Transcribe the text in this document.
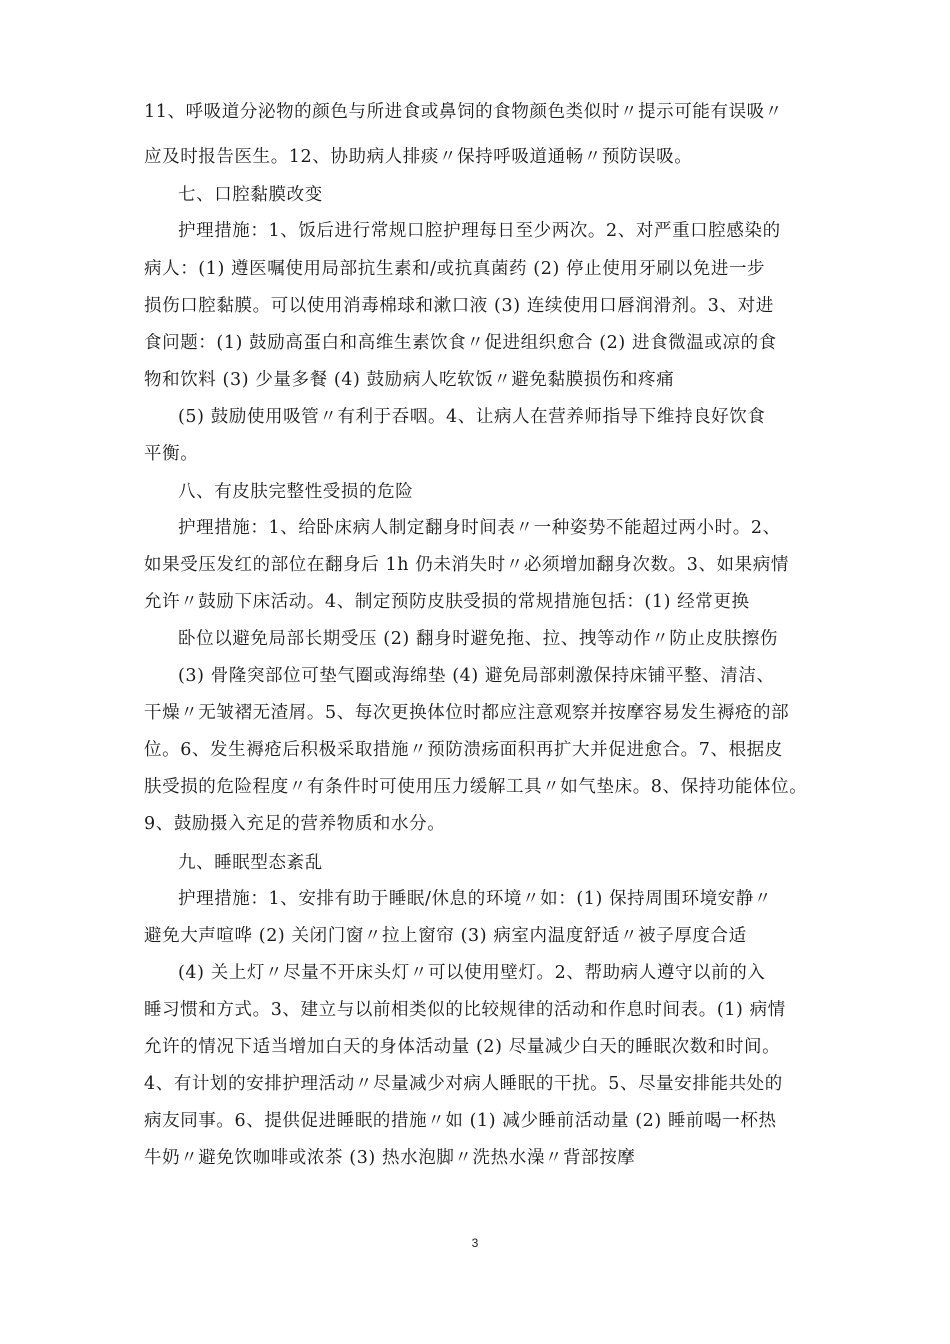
11、呼吸道分泌物的颜色与所进食或鼻饲的食物颜色类似时〃提示可能有误吸〃
应及时报告医生。12、协助病人排痰〃保持呼吸道通畅〃预防误吸。
七、口腔黏膜改变
护理措施：1、饭后进行常规口腔护理每日至少两次。2、对严重口腔感染的
病人：(1) 遵医嘱使用局部抗生素和/或抗真菌药 (2) 停止使用牙刷以免进一步
损伤口腔黏膜。可以使用消毒棉球和漱口液 (3) 连续使用口唇润滑剂。3、对进
食问题：(1) 鼓励高蛋白和高维生素饮食〃促进组织愈合 (2) 进食微温或凉的食
物和饮料 (3) 少量多餐 (4) 鼓励病人吃软饭〃避免黏膜损伤和疼痛
(5) 鼓励使用吸管〃有利于吞咽。4、让病人在营养师指导下维持良好饮食
平衡。
八、有皮肤完整性受损的危险
护理措施：1、给卧床病人制定翻身时间表〃一种姿势不能超过两小时。2、
如果受压发红的部位在翻身后 1h 仍未消失时〃必须增加翻身次数。3、如果病情
允许〃鼓励下床活动。4、制定预防皮肤受损的常规措施包括：(1) 经常更换
卧位以避免局部长期受压 (2) 翻身时避免拖、拉、拽等动作〃防止皮肤擦伤
(3) 骨隆突部位可垫气圈或海绵垫 (4) 避免局部刺激保持床铺平整、清洁、
干燥〃无皱褶无渣屑。5、每次更换体位时都应注意观察并按摩容易发生褥疮的部
位。6、发生褥疮后积极采取措施〃预防溃疡面积再扩大并促进愈合。7、根据皮
肤受损的危险程度〃有条件时可使用压力缓解工具〃如气垫床。8、保持功能体位。
9、鼓励摄入充足的营养物质和水分。
九、睡眠型态紊乱
护理措施：1、安排有助于睡眠/休息的环境〃如：(1) 保持周围环境安静〃
避免大声喧哗 (2) 关闭门窗〃拉上窗帘 (3) 病室内温度舒适〃被子厚度合适
(4) 关上灯〃尽量不开床头灯〃可以使用壁灯。2、帮助病人遵守以前的入
睡习惯和方式。3、建立与以前相类似的比较规律的活动和作息时间表。(1) 病情
允许的情况下适当增加白天的身体活动量 (2) 尽量减少白天的睡眠次数和时间。
4、有计划的安排护理活动〃尽量减少对病人睡眠的干扰。5、尽量安排能共处的
病友同事。6、提供促进睡眠的措施〃如 (1) 减少睡前活动量 (2) 睡前喝一杯热
牛奶〃避免饮咖啡或浓茶 (3) 热水泡脚〃洗热水澡〃背部按摩
3
